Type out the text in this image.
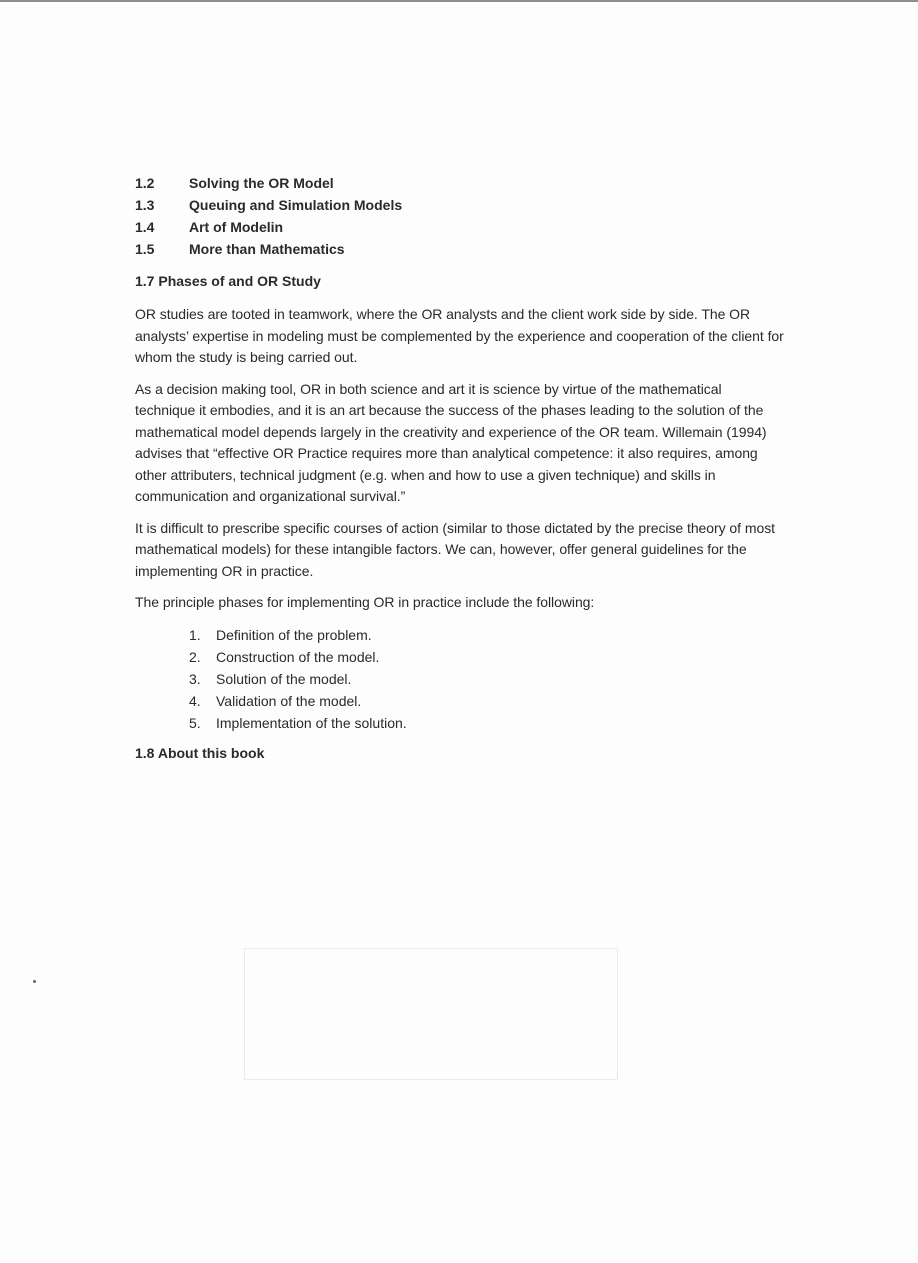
1.2	Solving the OR Model
1.3	Queuing and Simulation Models
1.4	Art of Modelin
1.5	More than Mathematics
1.7 Phases of and OR Study

OR studies are tooted in teamwork, where the OR analysts and the client work side by side. The OR analysts’ expertise in modeling must be complemented by the experience and cooperation of the client for whom the study is being carried out.

As a decision making tool, OR in both science and art it is science by virtue of the mathematical technique it embodies, and it is an art because the success of the phases leading to the solution of the mathematical model depends largely in the creativity and experience of the OR team. Willemain (1994) advises that “effective OR Practice requires more than analytical competence: it also requires, among other attributers, technical judgment (e.g. when and how to use a given technique) and skills in communication and organizational survival.”

It is difficult to prescribe specific courses of action (similar to those dictated by the precise theory of most mathematical models) for these intangible factors. We can, however, offer general guidelines for the implementing OR in practice.

The principle phases for implementing OR in practice include the following:

1.	Definition of the problem.
2.	Construction of the model.
3.	Solution of the model.
4.	Validation of the model.
5.	Implementation of the solution.
1.8 About this book
